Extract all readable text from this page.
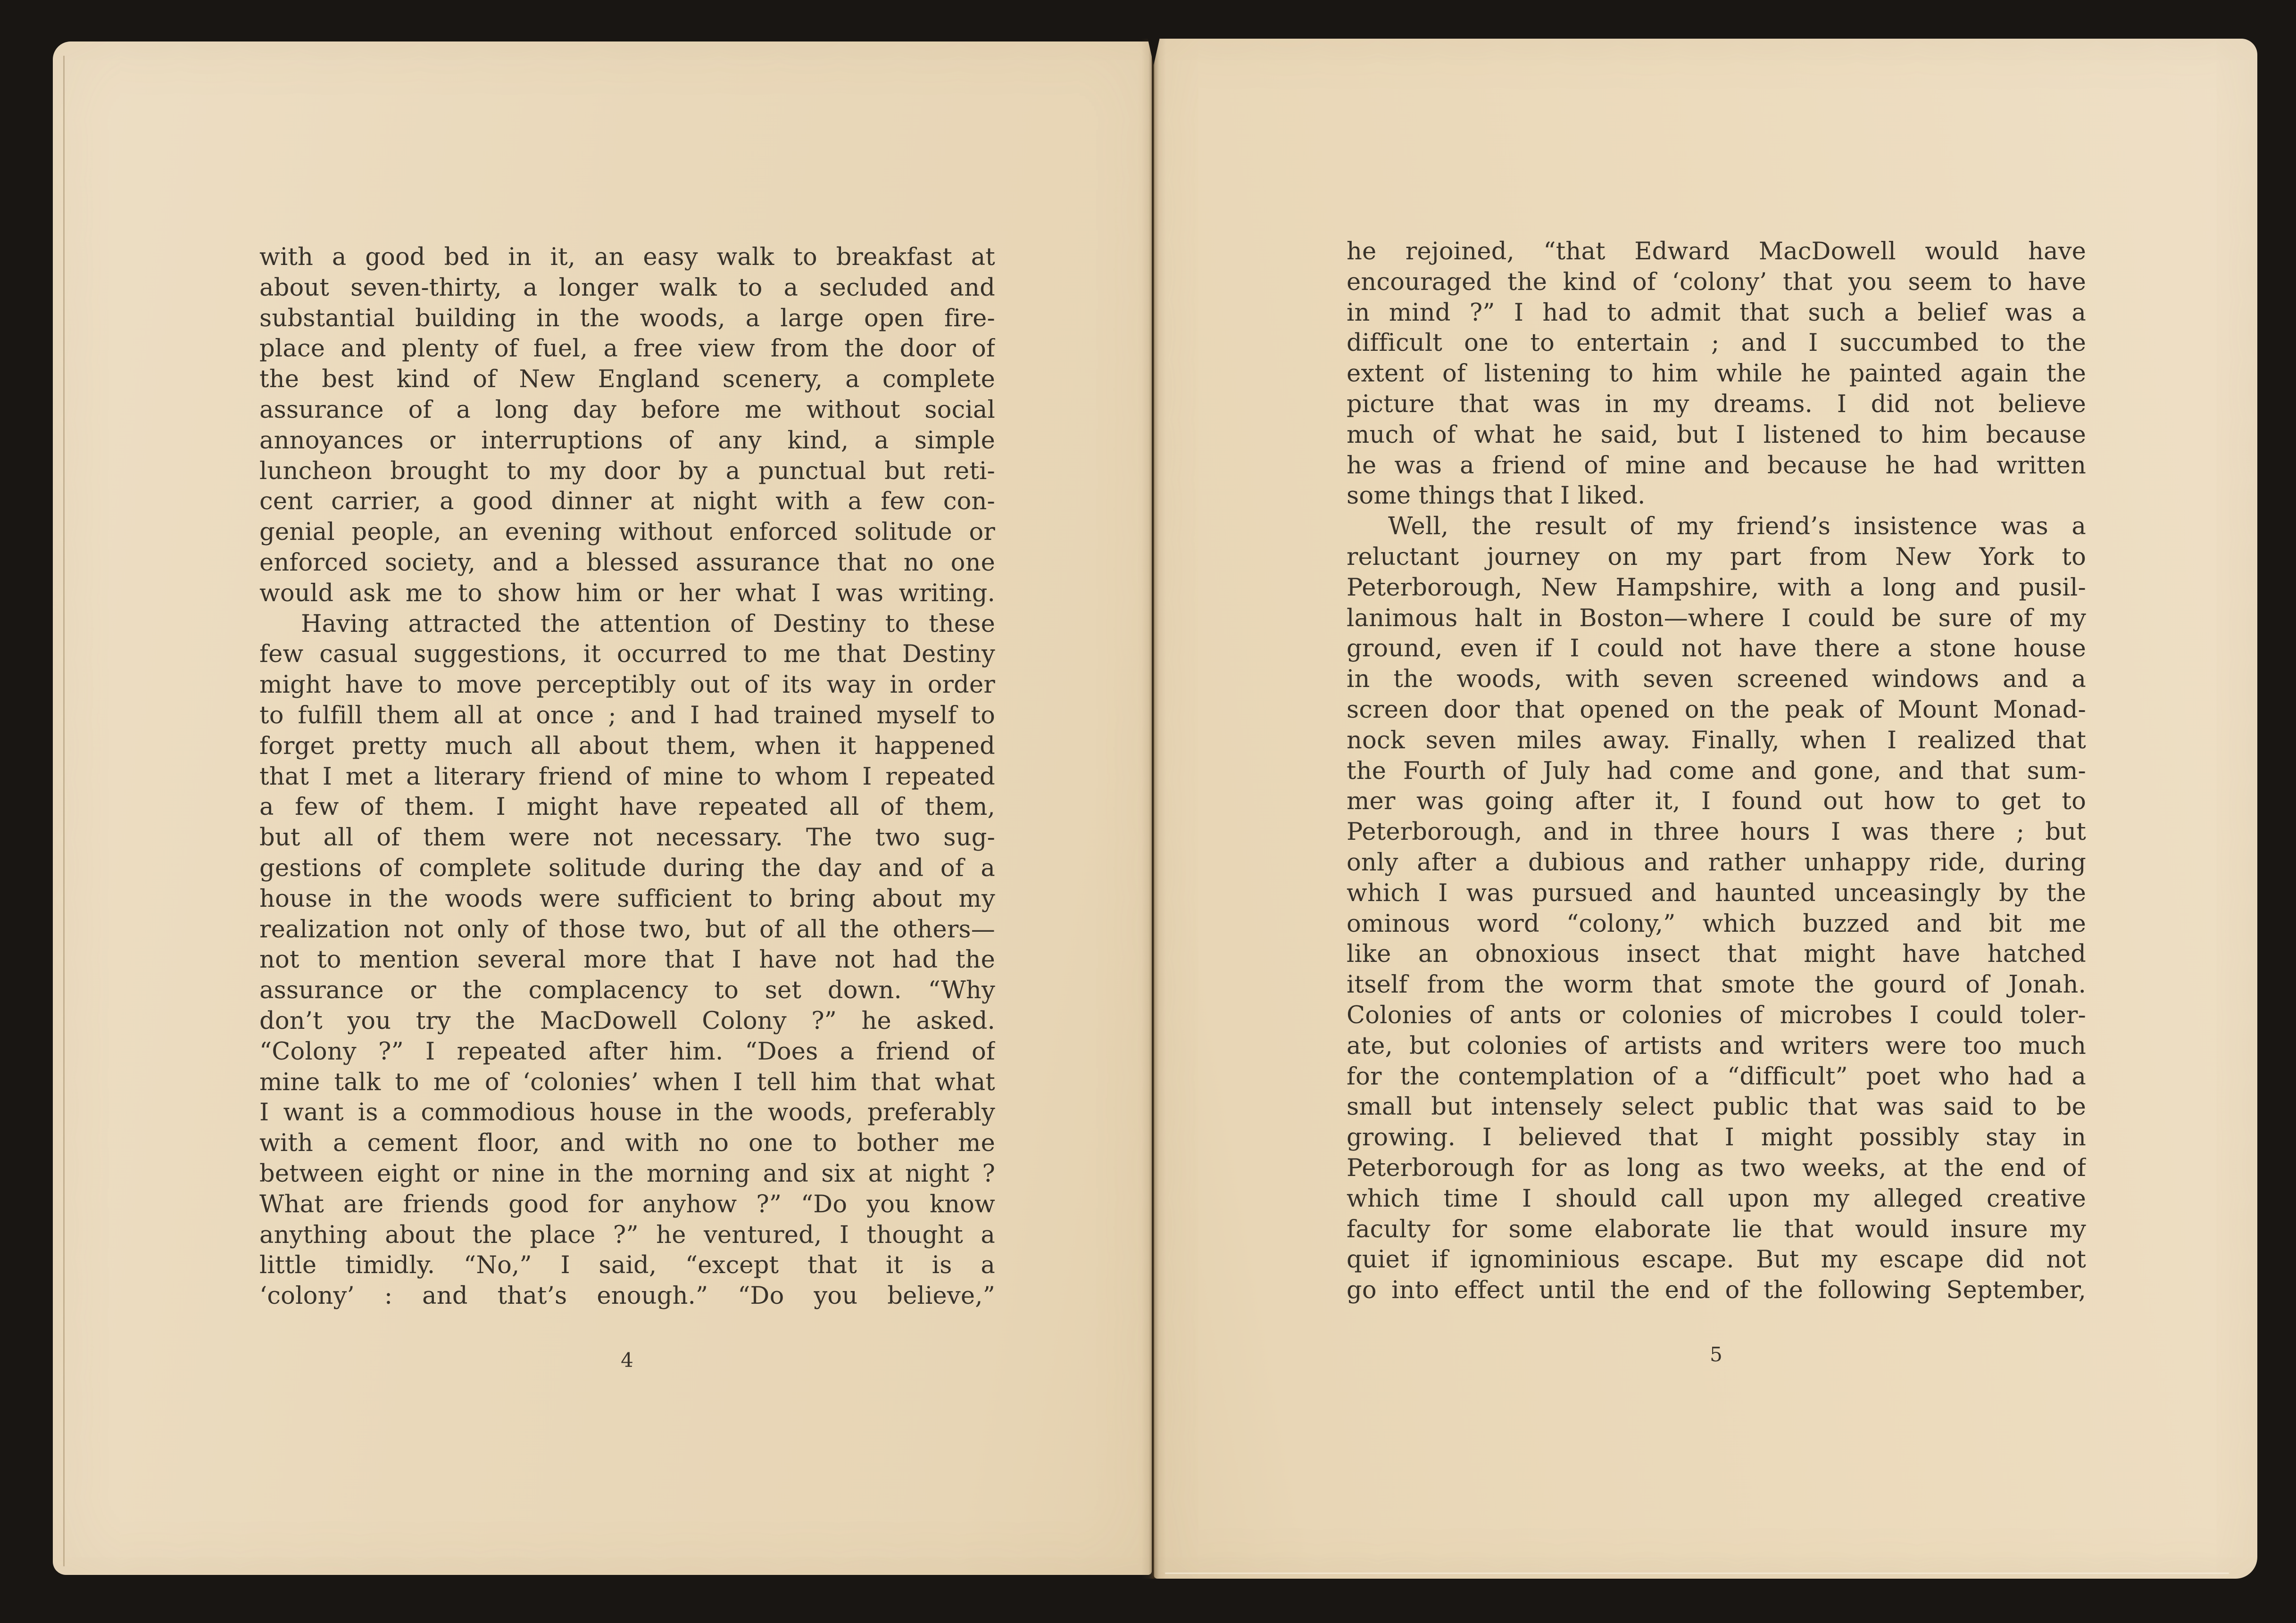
with a good bed in it, an easy walk to breakfast at
about seven-thirty, a longer walk to a secluded and
substantial building in the woods, a large open fire-
place and plenty of fuel, a free view from the door of
the best kind of New England scenery, a complete
assurance of a long day before me without social
annoyances or interruptions of any kind, a simple
luncheon brought to my door by a punctual but reti-
cent carrier, a good dinner at night with a few con-
genial people, an evening without enforced solitude or
enforced society, and a blessed assurance that no one
would ask me to show him or her what I was writing.
Having attracted the attention of Destiny to these
few casual suggestions, it occurred to me that Destiny
might have to move perceptibly out of its way in order
to fulfill them all at once ; and I had trained myself to
forget pretty much all about them, when it happened
that I met a literary friend of mine to whom I repeated
a few of them. I might have repeated all of them,
but all of them were not necessary. The two sug-
gestions of complete solitude during the day and of a
house in the woods were sufficient to bring about my
realization not only of those two, but of all the others—
not to mention several more that I have not had the
assurance or the complacency to set down. “Why
don’t you try the MacDowell Colony ?” he asked.
“Colony ?” I repeated after him. “Does a friend of
mine talk to me of ‘colonies’ when I tell him that what
I want is a commodious house in the woods, preferably
with a cement floor, and with no one to bother me
between eight or nine in the morning and six at night ?
What are friends good for anyhow ?” “Do you know
anything about the place ?” he ventured, I thought a
little timidly. “No,” I said, “except that it is a
‘colony’ : and that’s enough.” “Do you believe,”
4
he rejoined, “that Edward MacDowell would have
encouraged the kind of ‘colony’ that you seem to have
in mind ?” I had to admit that such a belief was a
difficult one to entertain ; and I succumbed to the
extent of listening to him while he painted again the
picture that was in my dreams. I did not believe
much of what he said, but I listened to him because
he was a friend of mine and because he had written
some things that I liked.
Well, the result of my friend’s insistence was a
reluctant journey on my part from New York to
Peterborough, New Hampshire, with a long and pusil-
lanimous halt in Boston—where I could be sure of my
ground, even if I could not have there a stone house
in the woods, with seven screened windows and a
screen door that opened on the peak of Mount Monad-
nock seven miles away. Finally, when I realized that
the Fourth of July had come and gone, and that sum-
mer was going after it, I found out how to get to
Peterborough, and in three hours I was there ; but
only after a dubious and rather unhappy ride, during
which I was pursued and haunted unceasingly by the
ominous word “colony,” which buzzed and bit me
like an obnoxious insect that might have hatched
itself from the worm that smote the gourd of Jonah.
Colonies of ants or colonies of microbes I could toler-
ate, but colonies of artists and writers were too much
for the contemplation of a “difficult” poet who had a
small but intensely select public that was said to be
growing. I believed that I might possibly stay in
Peterborough for as long as two weeks, at the end of
which time I should call upon my alleged creative
faculty for some elaborate lie that would insure my
quiet if ignominious escape. But my escape did not
go into effect until the end of the following September,
5
